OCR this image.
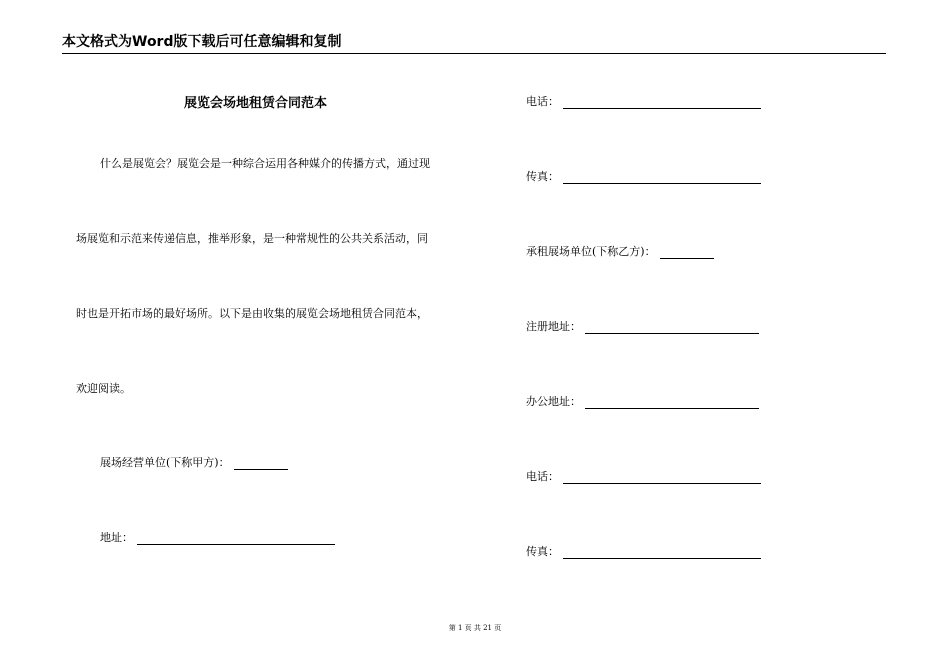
本文格式为Word版下载后可任意编辑和复制
展览会场地租赁合同范本
什么是展览会？展览会是一种综合运用各种媒介的传播方式，通过现
场展览和示范来传递信息，推举形象，是一种常规性的公共关系活动，同
时也是开拓市场的最好场所。以下是由收集的展览会场地租赁合同范本，
欢迎阅读。
展场经营单位(下称甲方)：
地址：
电话：
传真：
承租展场单位(下称乙方)：
注册地址：
办公地址：
电话：
传真：
第 1 页 共 21 页
